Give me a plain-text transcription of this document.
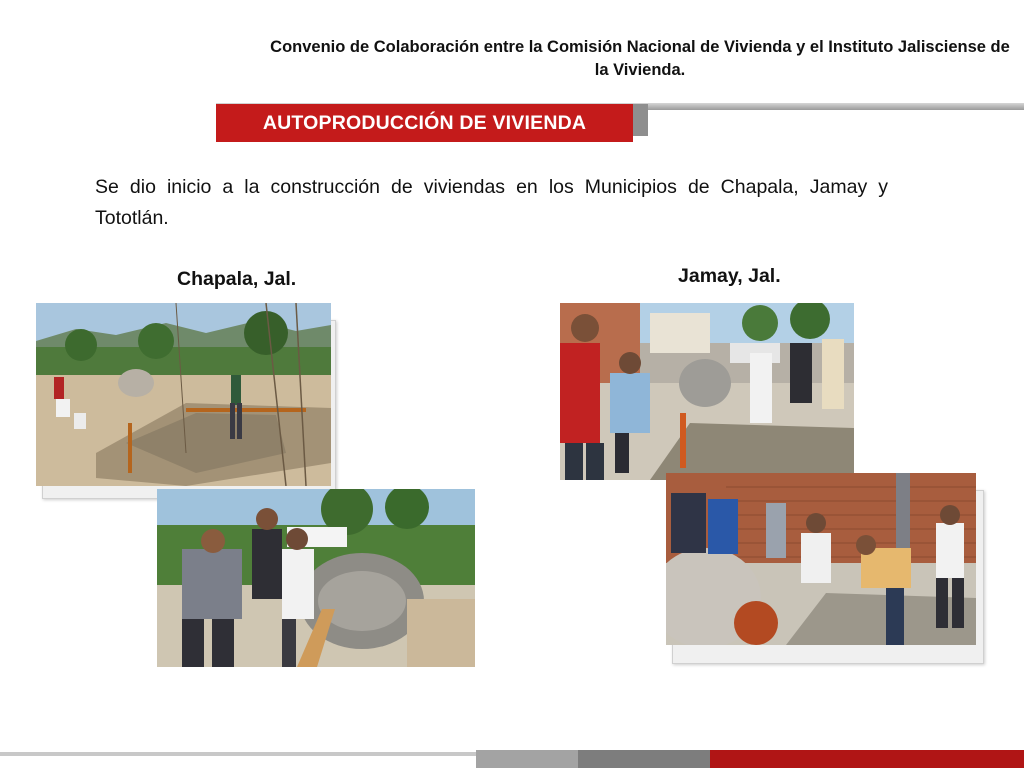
Convenio de Colaboración entre la Comisión Nacional de Vivienda y el Instituto Jalisciense de la Vivienda.
AUTOPRODUCCIÓN DE VIVIENDA
Se dio inicio a la construcción de viviendas en los Municipios de Chapala, Jamay y Tototlán.
Chapala, Jal.	Jamay, Jal.
